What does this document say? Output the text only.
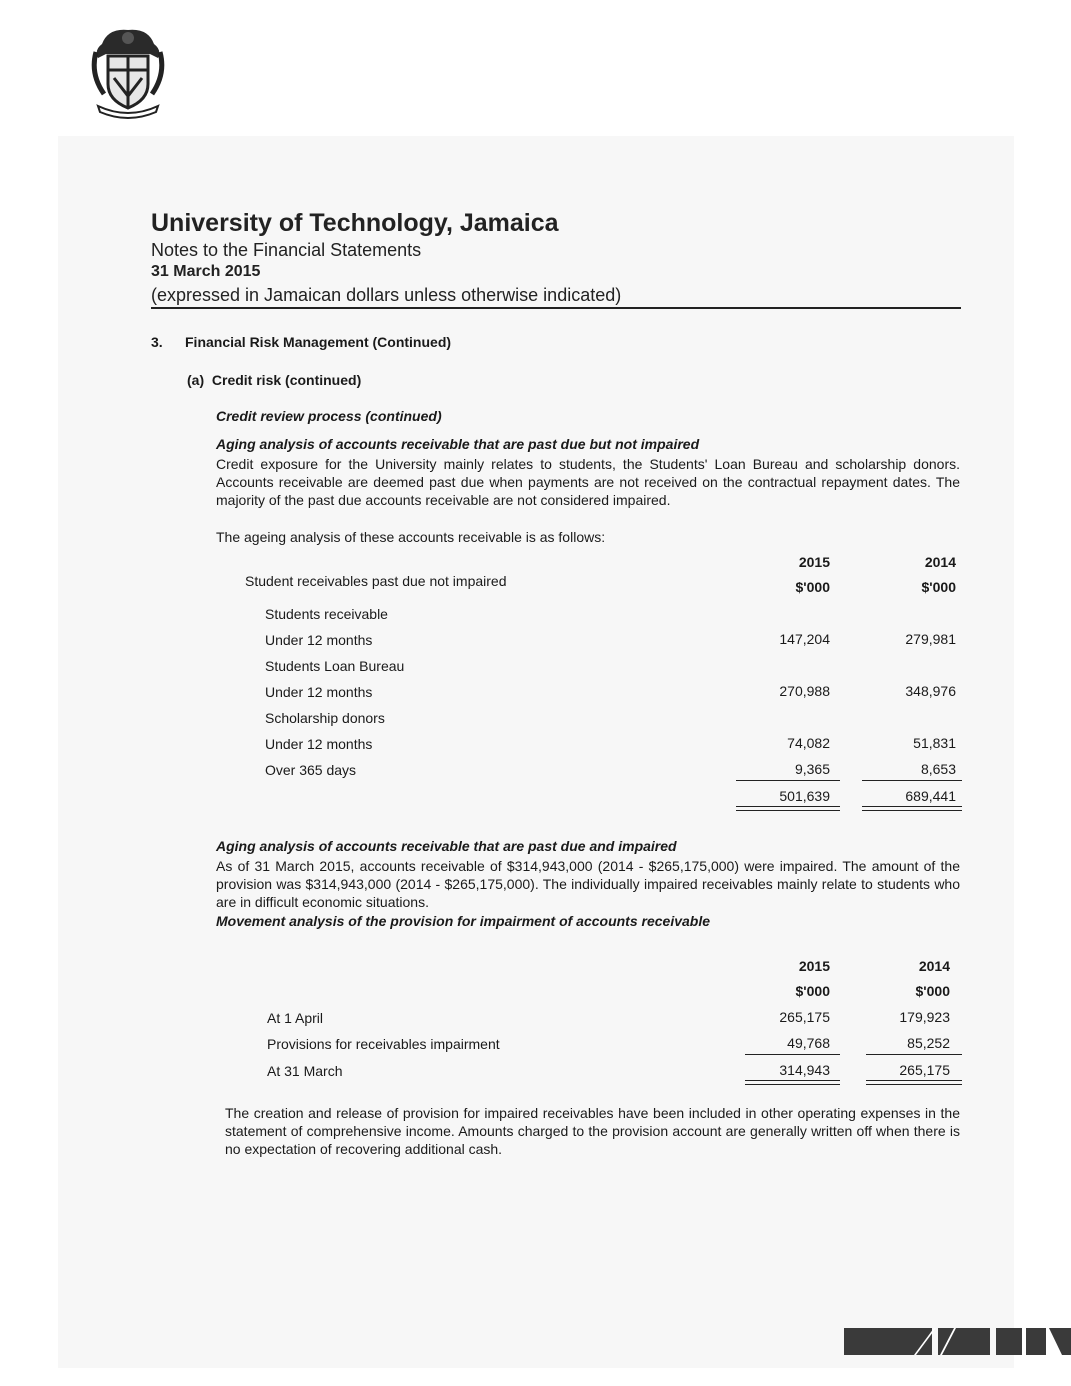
University of Technology, Jamaica
Notes to the Financial Statements
31 March 2015
(expressed in Jamaican dollars unless otherwise indicated)
3. Financial Risk Management (Continued)
(a)  Credit risk (continued)
Credit review process (continued)
Aging analysis of accounts receivable that are past due but not impaired
Credit exposure for the University mainly relates to students, the Students' Loan Bureau and scholarship donors. Accounts receivable are deemed past due when payments are not received on the contractual repayment dates. The majority of the past due accounts receivable are not considered impaired.
The ageing analysis of these accounts receivable is as follows:
2015	2014
Student receivables past due not impaired	$'000	$'000
Students receivable
Under 12 months	147,204	279,981
Students Loan Bureau
Under 12 months	270,988	348,976
Scholarship donors
Under 12 months	74,082	51,831
Over 365 days	9,365	8,653
501,639	689,441
Aging analysis of accounts receivable that are past due and impaired
As of 31 March 2015, accounts receivable of $314,943,000 (2014 - $265,175,000) were impaired. The amount of the provision was $314,943,000 (2014 - $265,175,000). The individually impaired receivables mainly relate to students who are in difficult economic situations.
Movement analysis of the provision for impairment of accounts receivable
2015	2014
$'000	$'000
At 1 April	265,175	179,923
Provisions for receivables impairment	49,768	85,252
At 31 March	314,943	265,175
The creation and release of provision for impaired receivables have been included in other operating expenses in the statement of comprehensive income. Amounts charged to the provision account are generally written off when there is no expectation of recovering additional cash.
